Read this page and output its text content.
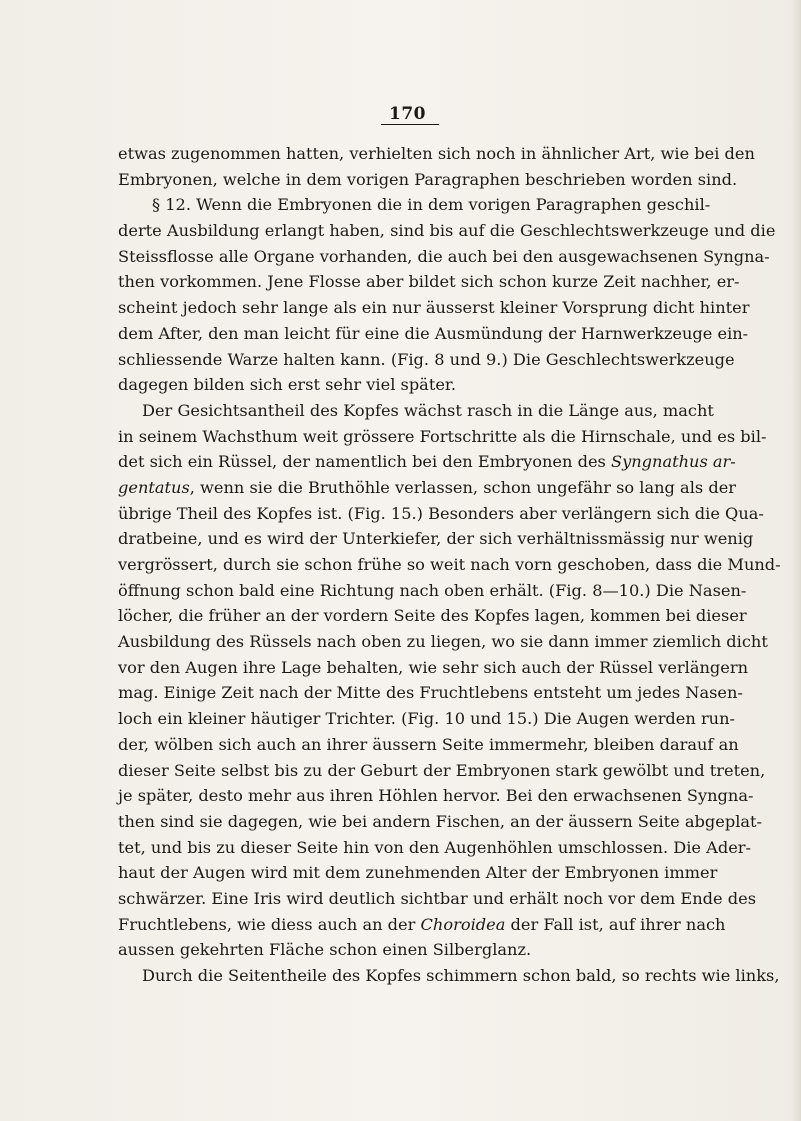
170
etwas zugenommen hatten, verhielten sich noch in ähnlicher Art, wie bei den
Embryonen, welche in dem vorigen Paragraphen beschrieben worden sind.
§ 12. Wenn die Embryonen die in dem vorigen Paragraphen geschil-
derte Ausbildung erlangt haben, sind bis auf die Geschlechtswerkzeuge und die
Steissflosse alle Organe vorhanden, die auch bei den ausgewachsenen Syngna-
then vorkommen. Jene Flosse aber bildet sich schon kurze Zeit nachher, er-
scheint jedoch sehr lange als ein nur äusserst kleiner Vorsprung dicht hinter
dem After, den man leicht für eine die Ausmündung der Harnwerkzeuge ein-
schliessende Warze halten kann. (Fig. 8 und 9.) Die Geschlechtswerkzeuge
dagegen bilden sich erst sehr viel später.
Der Gesichtsantheil des Kopfes wächst rasch in die Länge aus, macht
in seinem Wachsthum weit grössere Fortschritte als die Hirnschale, und es bil-
det sich ein Rüssel, der namentlich bei den Embryonen des Syngnathus ar-
gentatus, wenn sie die Bruthöhle verlassen, schon ungefähr so lang als der
übrige Theil des Kopfes ist. (Fig. 15.) Besonders aber verlängern sich die Qua-
dratbeine, und es wird der Unterkiefer, der sich verhältnissmässig nur wenig
vergrössert, durch sie schon frühe so weit nach vorn geschoben, dass die Mund-
öffnung schon bald eine Richtung nach oben erhält. (Fig. 8—10.) Die Nasen-
löcher, die früher an der vordern Seite des Kopfes lagen, kommen bei dieser
Ausbildung des Rüssels nach oben zu liegen, wo sie dann immer ziemlich dicht
vor den Augen ihre Lage behalten, wie sehr sich auch der Rüssel verlängern
mag. Einige Zeit nach der Mitte des Fruchtlebens entsteht um jedes Nasen-
loch ein kleiner häutiger Trichter. (Fig. 10 und 15.) Die Augen werden run-
der, wölben sich auch an ihrer äussern Seite immermehr, bleiben darauf an
dieser Seite selbst bis zu der Geburt der Embryonen stark gewölbt und treten,
je später, desto mehr aus ihren Höhlen hervor. Bei den erwachsenen Syngna-
then sind sie dagegen, wie bei andern Fischen, an der äussern Seite abgeplat-
tet, und bis zu dieser Seite hin von den Augenhöhlen umschlossen. Die Ader-
haut der Augen wird mit dem zunehmenden Alter der Embryonen immer
schwärzer. Eine Iris wird deutlich sichtbar und erhält noch vor dem Ende des
Fruchtlebens, wie diess auch an der Choroidea der Fall ist, auf ihrer nach
aussen gekehrten Fläche schon einen Silberglanz.
Durch die Seitentheile des Kopfes schimmern schon bald, so rechts wie links,
